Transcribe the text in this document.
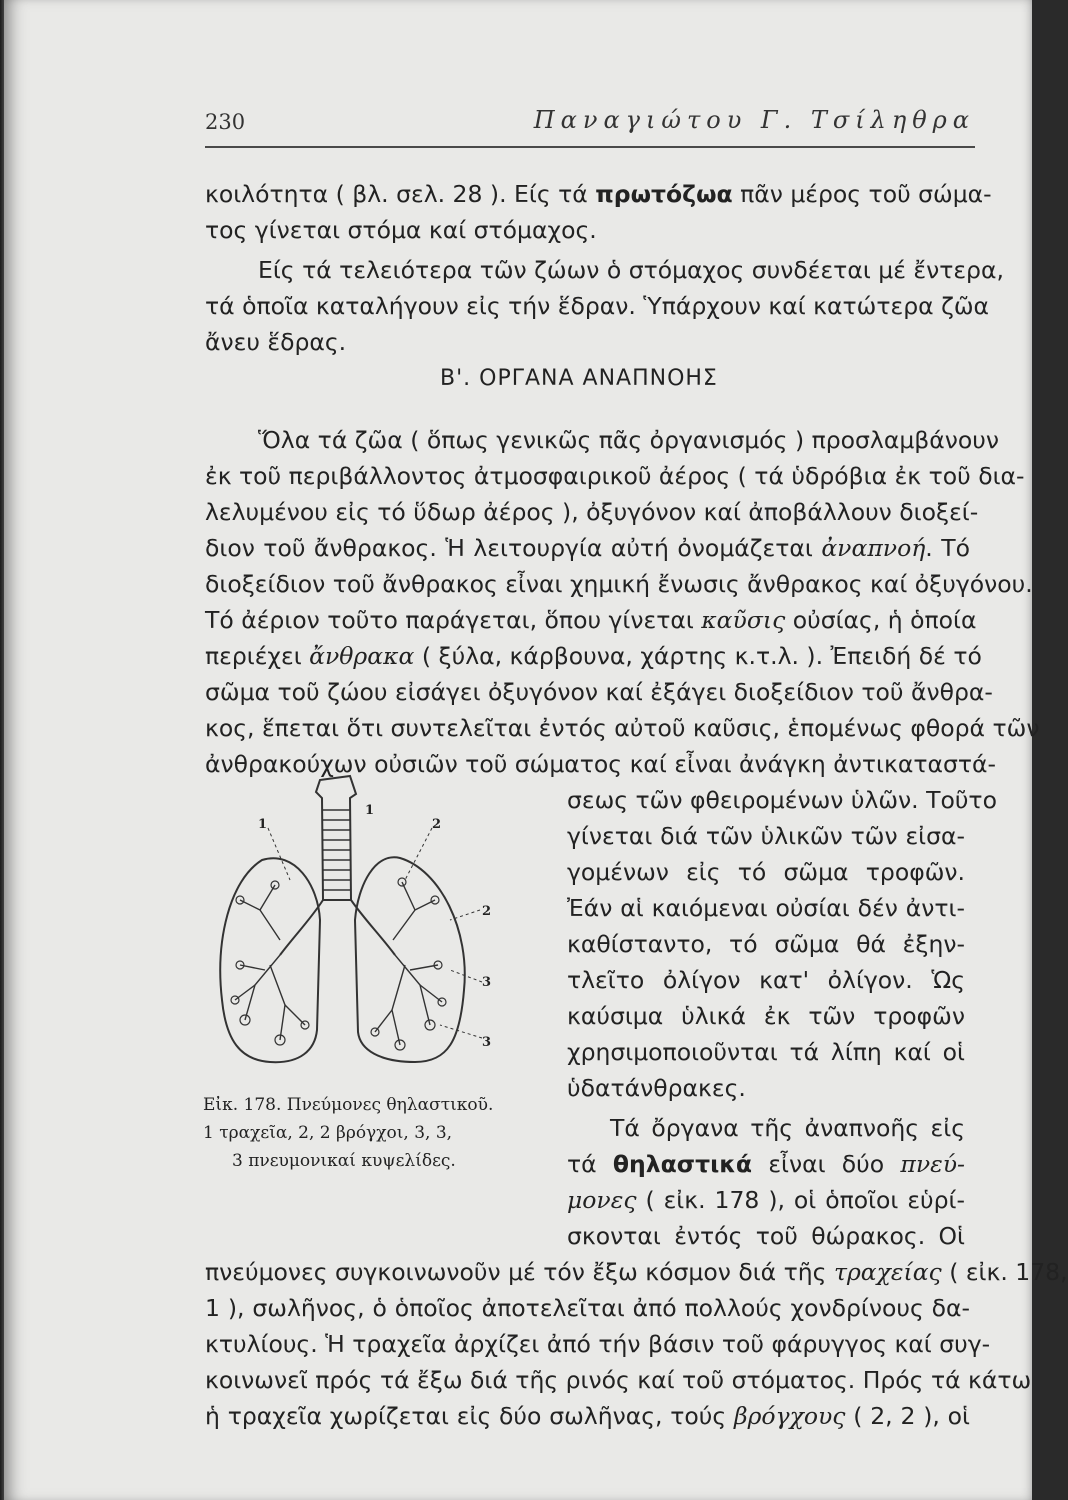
230	Παναγιώτου Γ. Τσίληθρα
κοιλότητα ( βλ. σελ. 28 ). Είς τά πρωτόζωα πᾶν μέρος τοῦ σώμα-
τος γίνεται στόμα καί στόμαχος.
Είς τά τελειότερα τῶν ζώων ὁ στόμαχος συνδέεται μέ ἔντερα,
τά ὁποῖα καταλήγουν εἰς τήν ἕδραν. Ὑπάρχουν καί κατώτερα ζῶα
ἄνευ ἕδρας.
Β'. ΟΡΓΑΝΑ ΑΝΑΠΝΟΗΣ
Ὅλα τά ζῶα ( ὅπως γενικῶς πᾶς ὀργανισμός ) προσλαμβάνουν
ἐκ τοῦ περιβάλλοντος ἀτμοσφαιρικοῦ ἀέρος ( τά ὑδρόβια ἐκ τοῦ δια-
λελυμένου εἰς τό ὕδωρ ἀέρος ), ὀξυγόνον καί ἀποβάλλουν διοξεί-
διον τοῦ ἄνθρακος. Ἡ λειτουργία αὐτή ὀνομάζεται ἀναπνοή. Τό
διοξείδιον τοῦ ἄνθρακος εἶναι χημική ἔνωσις ἄνθρακος καί ὀξυγόνου.
Τό ἀέριον τοῦτο παράγεται, ὅπου γίνεται καῦσις οὐσίας, ἡ ὁποία
περιέχει ἄνθρακα ( ξύλα, κάρβουνα, χάρτης κ.τ.λ. ). Ἐπειδή δέ τό
σῶμα τοῦ ζώου εἰσάγει ὀξυγόνον καί ἐξάγει διοξείδιον τοῦ ἄνθρα-
κος, ἕπεται ὅτι συντελεῖται ἐντός αὐτοῦ καῦσις, ἑπομένως φθορά τῶν
ἀνθρακούχων οὐσιῶν τοῦ σώματος καί εἶναι ἀνάγκη ἀντικαταστά-
σεως τῶν φθειρομένων ὑλῶν. Τοῦτο
γίνεται διά τῶν ὑλικῶν τῶν εἰσα-
γομένων εἰς τό σῶμα τροφῶν.
Ἐάν αἱ καιόμεναι οὐσίαι δέν ἀντι-
καθίσταντο, τό σῶμα θά ἐξην-
τλεῖτο ὀλίγον κατ' ὀλίγον. Ὡς
καύσιμα ὑλικά ἐκ τῶν τροφῶν
χρησιμοποιοῦνται τά λίπη καί οἱ
ὑδατάνθρακες.
Τά ὄργανα τῆς ἀναπνοῆς εἰς
τά θηλαστικά εἶναι δύο πνεύ-
μονες ( εἰκ. 178 ), οἱ ὁποῖοι εὑρί-
σκονται ἐντός τοῦ θώρακος. Οἱ
1
1	2
2
3
3
Εἰκ. 178. Πνεύμονες θηλαστικοῦ.
1 τραχεῖα, 2, 2 βρόγχοι, 3, 3,
3 πνευμονικαί κυψελίδες.
πνεύμονες συγκοινωνοῦν μέ τόν ἔξω κόσμον διά τῆς τραχείας ( εἰκ. 178,
1 ), σωλῆνος, ὁ ὁποῖος ἀποτελεῖται ἀπό πολλούς χονδρίνους δα-
κτυλίους. Ἡ τραχεῖα ἀρχίζει ἀπό τήν βάσιν τοῦ φάρυγγος καί συγ-
κοινωνεῖ πρός τά ἔξω διά τῆς ρινός καί τοῦ στόματος. Πρός τά κάτω
ἡ τραχεῖα χωρίζεται εἰς δύο σωλῆνας, τούς βρόγχους ( 2, 2 ), οἱ
